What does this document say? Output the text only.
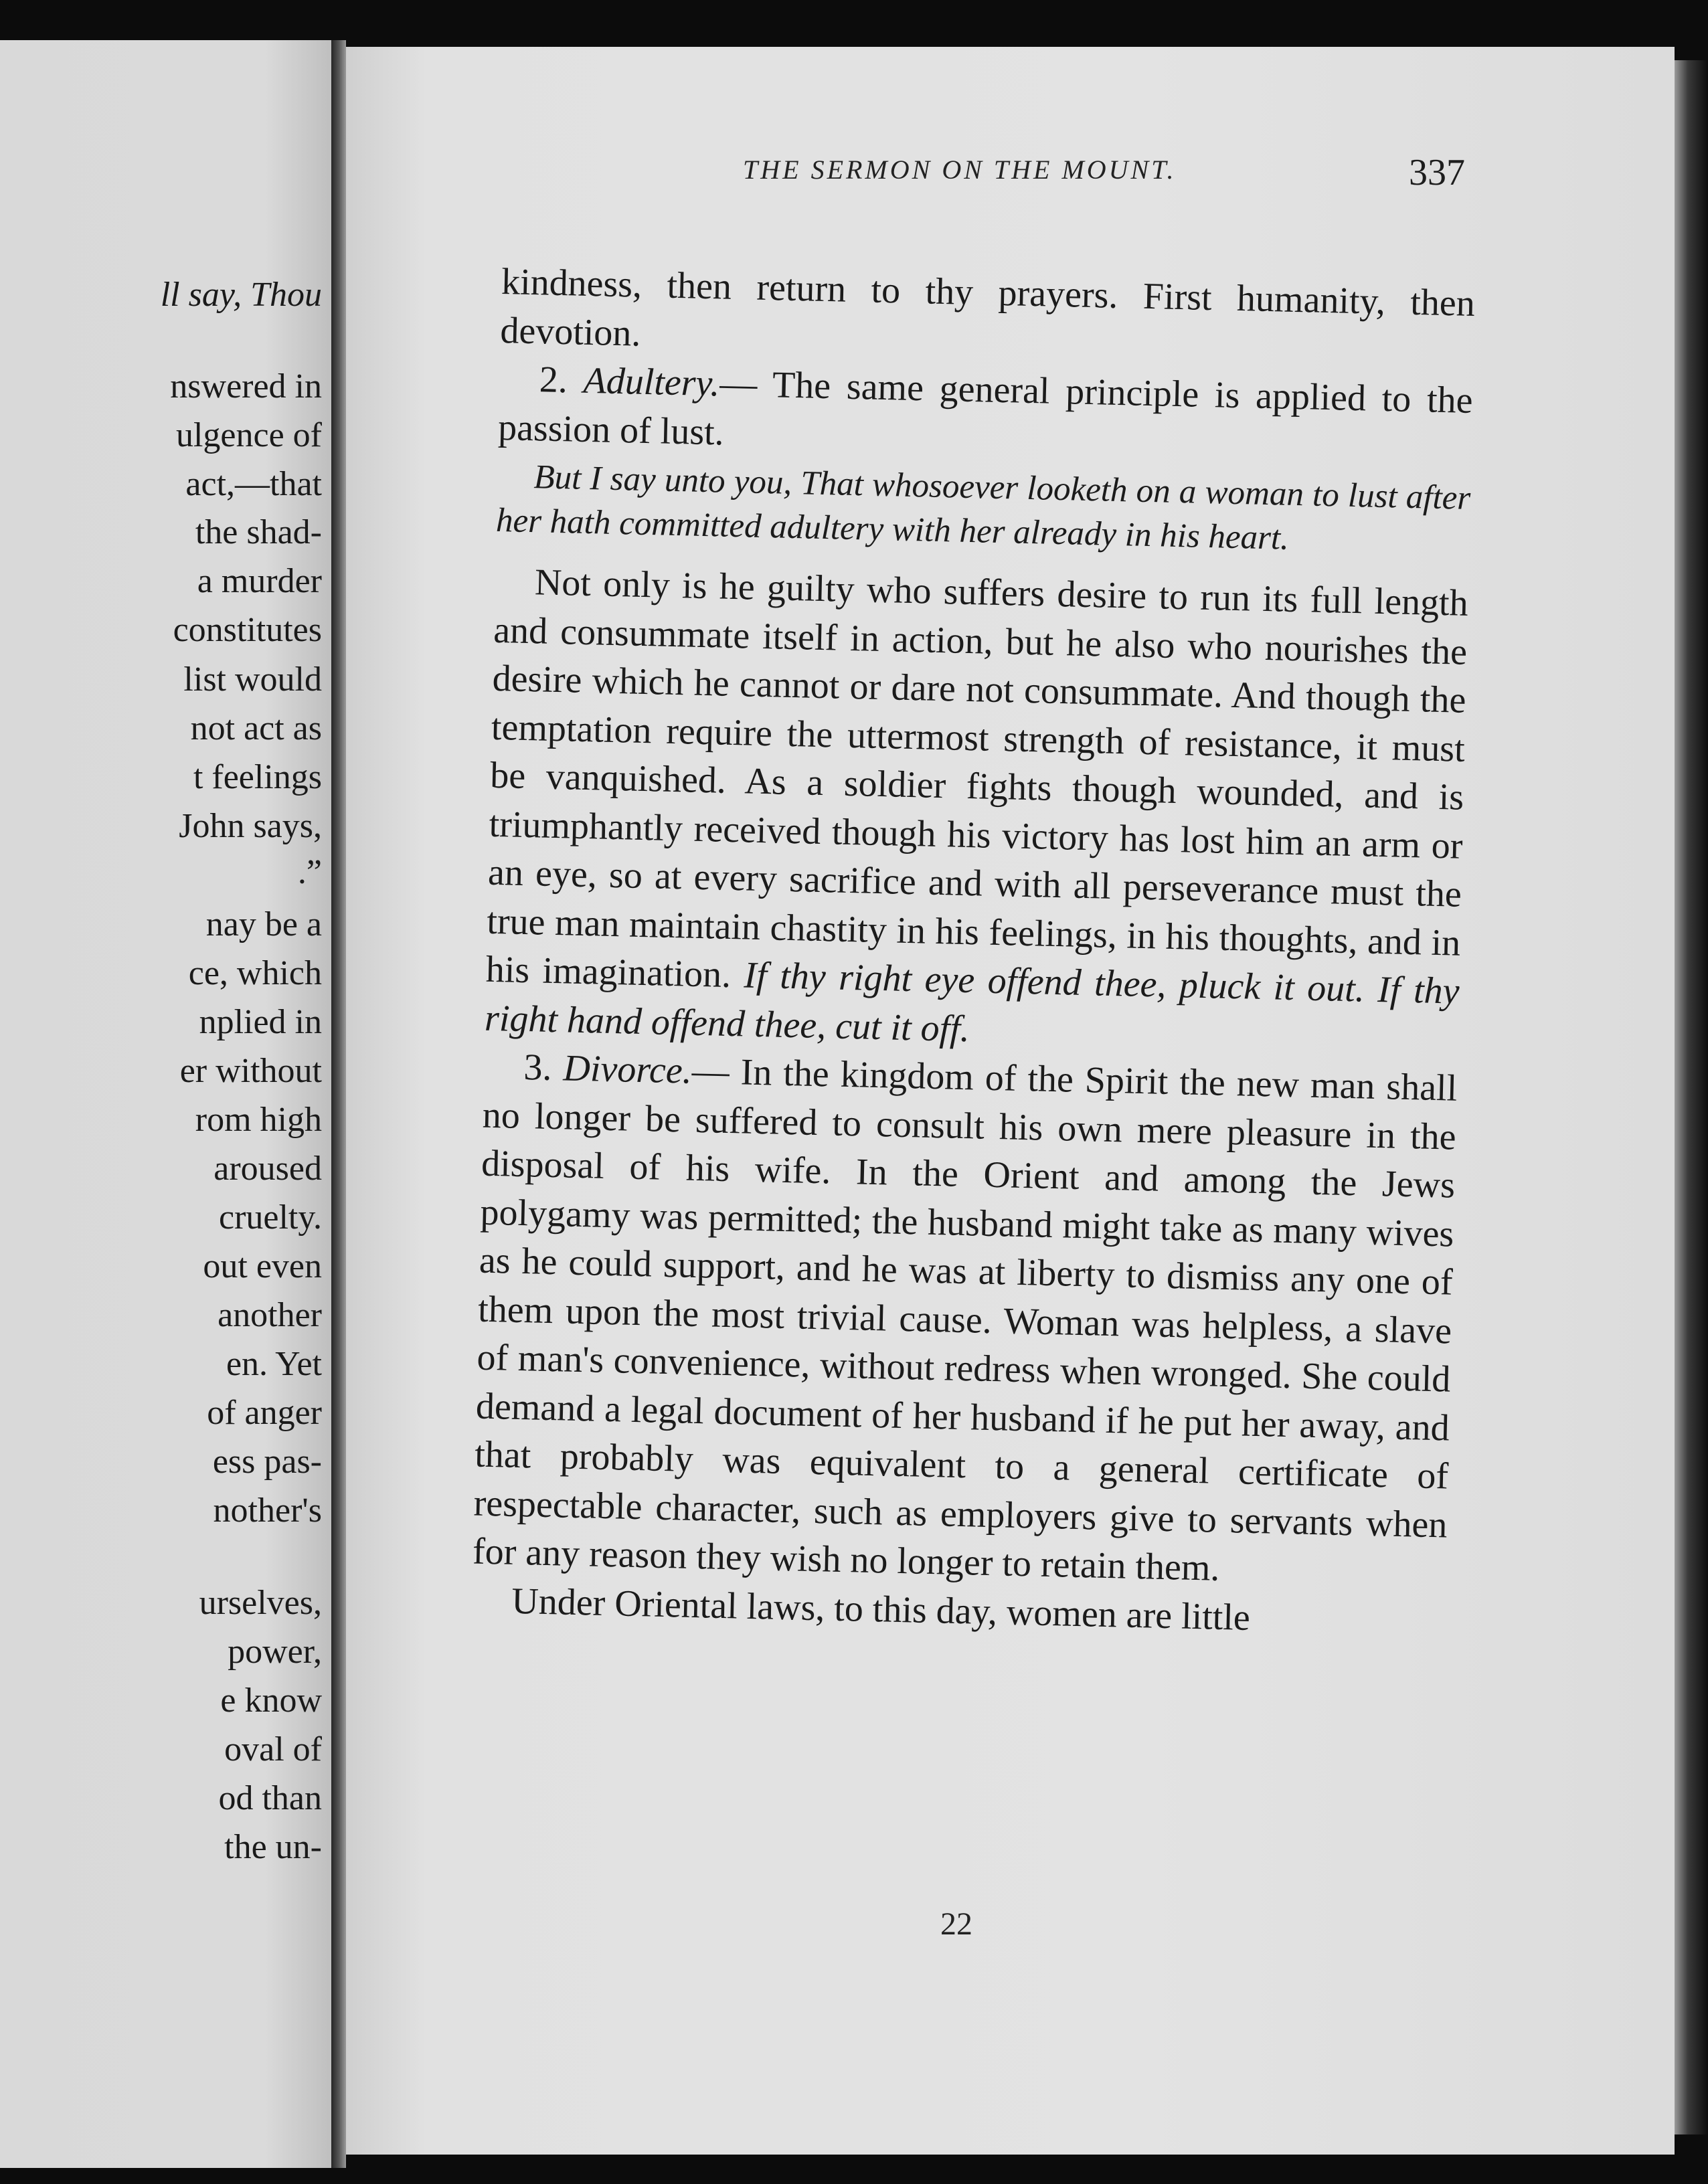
ll say, Thou
nswered in
ulgence of
act,—that
the shad-
a murder
constitutes
list would
not act as
t feelings
John says,
.”
nay be a
ce, which
nplied in
er without
rom high
aroused
cruelty.
out even
another
en. Yet
of anger
ess pas-
nother's
urselves,
power,
e know
oval of
od than
the un-
THE SERMON ON THE MOUNT.	337

kindness, then return to thy prayers. First humanity, then devotion.

2. Adultery.— The same general principle is applied to the passion of lust.

But I say unto you, That whosoever looketh on a woman to lust after her hath committed adultery with her already in his heart.

Not only is he guilty who suffers desire to run its full length and consummate itself in action, but he also who nourishes the desire which he cannot or dare not consummate. And though the temptation require the uttermost strength of resistance, it must be vanquished. As a soldier fights though wounded, and is triumphantly received though his victory has lost him an arm or an eye, so at every sacrifice and with all perseverance must the true man maintain chastity in his feelings, in his thoughts, and in his imagination. If thy right eye offend thee, pluck it out. If thy right hand offend thee, cut it off.

3. Divorce.— In the kingdom of the Spirit the new man shall no longer be suffered to consult his own mere pleasure in the disposal of his wife. In the Orient and among the Jews polygamy was permitted; the husband might take as many wives as he could support, and he was at liberty to dismiss any one of them upon the most trivial cause. Woman was helpless, a slave of man's convenience, without redress when wronged. She could demand a legal document of her husband if he put her away, and that probably was equivalent to a general certificate of respectable character, such as employers give to servants when for any reason they wish no longer to retain them.

Under Oriental laws, to this day, women are little

22
